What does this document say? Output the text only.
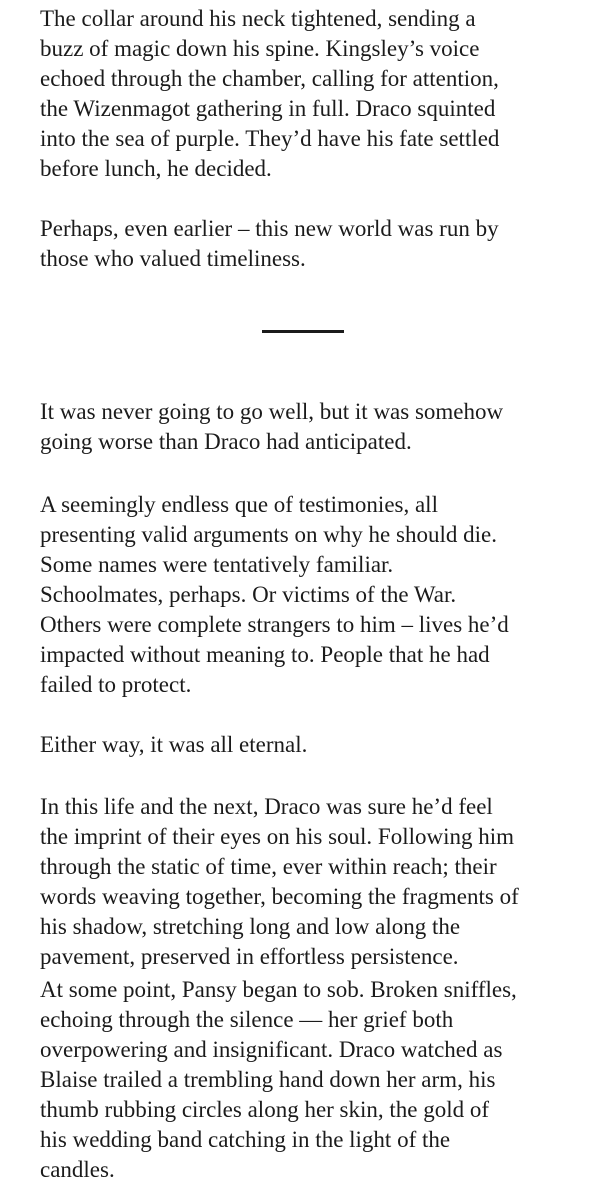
The collar around his neck tightened, sending a
buzz of magic down his spine. Kingsley’s voice
echoed through the chamber, calling for attention,
the Wizenmagot gathering in full. Draco squinted
into the sea of purple. They’d have his fate settled
before lunch, he decided.

Perhaps, even earlier – this new world was run by
those who valued timeliness.

It was never going to go well, but it was somehow
going worse than Draco had anticipated.

A seemingly endless que of testimonies, all
presenting valid arguments on why he should die.
Some names were tentatively familiar.
Schoolmates, perhaps. Or victims of the War.
Others were complete strangers to him – lives he’d
impacted without meaning to. People that he had
failed to protect.

Either way, it was all eternal.

In this life and the next, Draco was sure he’d feel
the imprint of their eyes on his soul. Following him
through the static of time, ever within reach; their
words weaving together, becoming the fragments of
his shadow, stretching long and low along the
pavement, preserved in effortless persistence.

At some point, Pansy began to sob. Broken sniffles,
echoing through the silence — her grief both
overpowering and insignificant. Draco watched as
Blaise trailed a trembling hand down her arm, his
thumb rubbing circles along her skin, the gold of
his wedding band catching in the light of the
candles.
